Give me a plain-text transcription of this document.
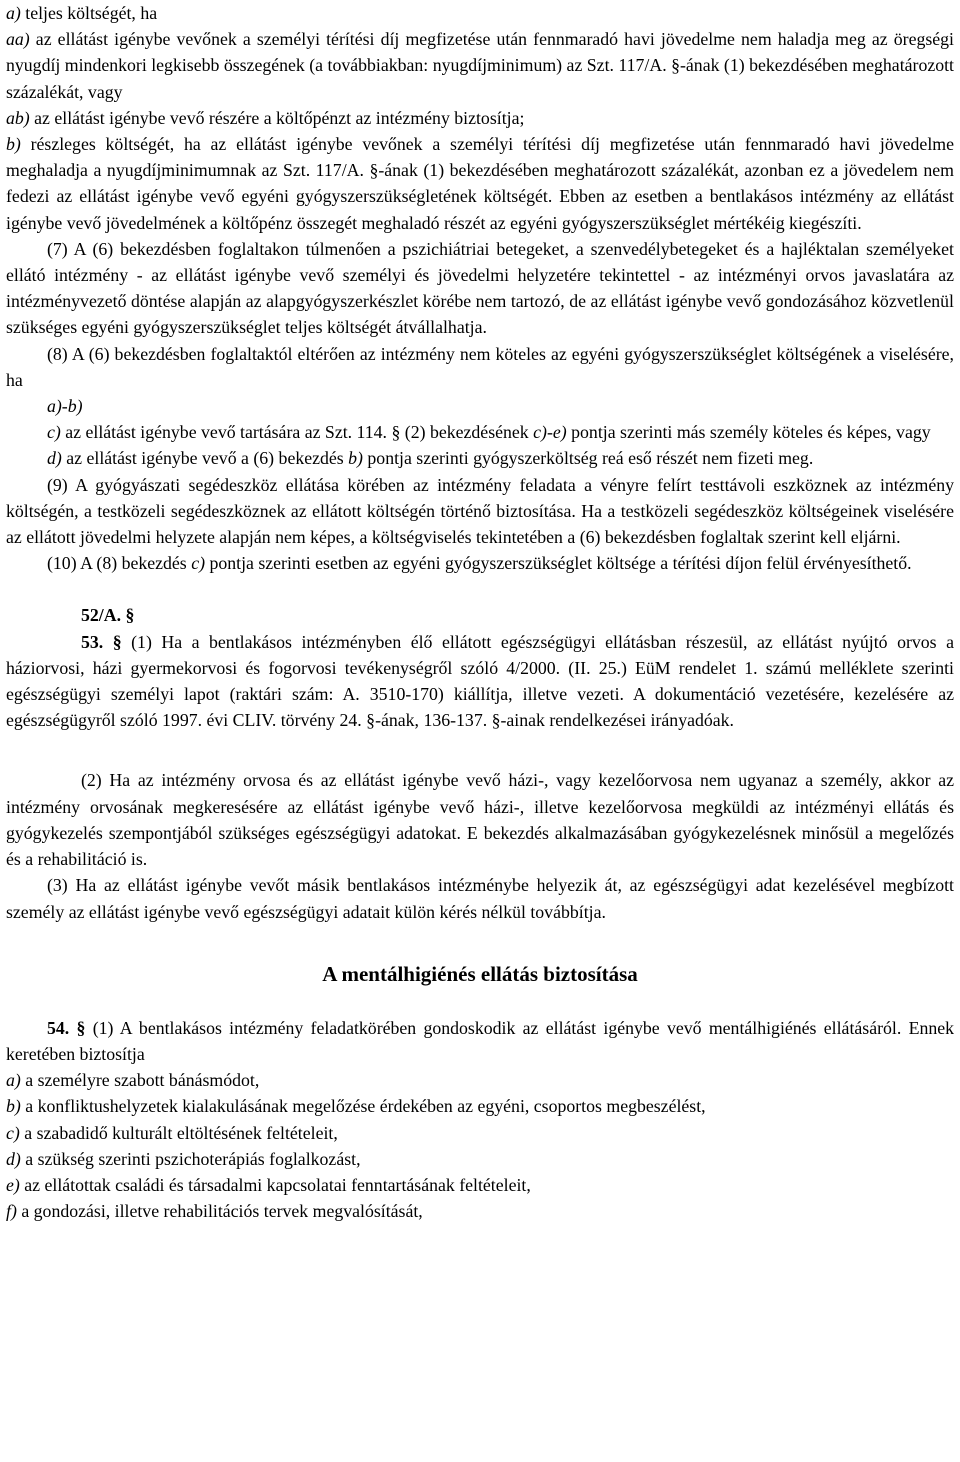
a) teljes költségét, ha

aa) az ellátást igénybe vevőnek a személyi térítési díj megfizetése után fennmaradó havi jövedelme nem haladja meg az öregségi nyugdíj mindenkori legkisebb összegének (a továbbiakban: nyugdíjminimum) az Szt. 117/A. §-ának (1) bekezdésében meghatározott százalékát, vagy

ab) az ellátást igénybe vevő részére a költőpénzt az intézmény biztosítja;

b) részleges költségét, ha az ellátást igénybe vevőnek a személyi térítési díj megfizetése után fennmaradó havi jövedelme meghaladja a nyugdíjminimumnak az Szt. 117/A. §-ának (1) bekezdésében meghatározott százalékát, azonban ez a jövedelem nem fedezi az ellátást igénybe vevő egyéni gyógyszerszükségletének költségét. Ebben az esetben a bentlakásos intézmény az ellátást igénybe vevő jövedelmének a költőpénz összegét meghaladó részét az egyéni gyógyszerszükséglet mértékéig kiegészíti.

(7) A (6) bekezdésben foglaltakon túlmenően a pszichiátriai betegeket, a szenvedélybetegeket és a hajléktalan személyeket ellátó intézmény - az ellátást igénybe vevő személyi és jövedelmi helyzetére tekintettel - az intézményi orvos javaslatára az intézményvezető döntése alapján az alapgyógyszerkészlet körébe nem tartozó, de az ellátást igénybe vevő gondozásához közvetlenül szükséges egyéni gyógyszerszükséglet teljes költségét átvállalhatja.

(8) A (6) bekezdésben foglaltaktól eltérően az intézmény nem köteles az egyéni gyógyszerszükséglet költségének a viselésére, ha

a)-b)

c) az ellátást igénybe vevő tartására az Szt. 114. § (2) bekezdésének c)-e) pontja szerinti más személy köteles és képes, vagy

d) az ellátást igénybe vevő a (6) bekezdés b) pontja szerinti gyógyszerköltség reá eső részét nem fizeti meg.

(9) A gyógyászati segédeszköz ellátása körében az intézmény feladata a vényre felírt testtávoli eszköznek az intézmény költségén, a testközeli segédeszköznek az ellátott költségén történő biztosítása. Ha a testközeli segédeszköz költségeinek viselésére az ellátott jövedelmi helyzete alapján nem képes, a költségviselés tekintetében a (6) bekezdésben foglaltak szerint kell eljárni.

(10) A (8) bekezdés c) pontja szerinti esetben az egyéni gyógyszerszükséglet költsége a térítési díjon felül érvényesíthető.

52/A. §

53. § (1) Ha a bentlakásos intézményben élő ellátott egészségügyi ellátásban részesül, az ellátást nyújtó orvos a háziorvosi, házi gyermekorvosi és fogorvosi tevékenységről szóló 4/2000. (II. 25.) EüM rendelet 1. számú melléklete szerinti egészségügyi személyi lapot (raktári szám: A. 3510-170) kiállítja, illetve vezeti. A dokumentáció vezetésére, kezelésére az egészségügyről szóló 1997. évi CLIV. törvény 24. §-ának, 136-137. §-ainak rendelkezései irányadóak.

(2) Ha az intézmény orvosa és az ellátást igénybe vevő házi-, vagy kezelőorvosa nem ugyanaz a személy, akkor az intézmény orvosának megkeresésére az ellátást igénybe vevő házi-, illetve kezelőorvosa megküldi az intézményi ellátás és gyógykezelés szempontjából szükséges egészségügyi adatokat. E bekezdés alkalmazásában gyógykezelésnek minősül a megelőzés és a rehabilitáció is.

(3) Ha az ellátást igénybe vevőt másik bentlakásos intézménybe helyezik át, az egészségügyi adat kezelésével megbízott személy az ellátást igénybe vevő egészségügyi adatait külön kérés nélkül továbbítja.

A mentálhigiénés ellátás biztosítása

54. § (1) A bentlakásos intézmény feladatkörében gondoskodik az ellátást igénybe vevő mentálhigiénés ellátásáról. Ennek keretében biztosítja

a) a személyre szabott bánásmódot,

b) a konfliktushelyzetek kialakulásának megelőzése érdekében az egyéni, csoportos megbeszélést,

c) a szabadidő kulturált eltöltésének feltételeit,

d) a szükség szerinti pszichoterápiás foglalkozást,

e) az ellátottak családi és társadalmi kapcsolatai fenntartásának feltételeit,

f) a gondozási, illetve rehabilitációs tervek megvalósítását,
